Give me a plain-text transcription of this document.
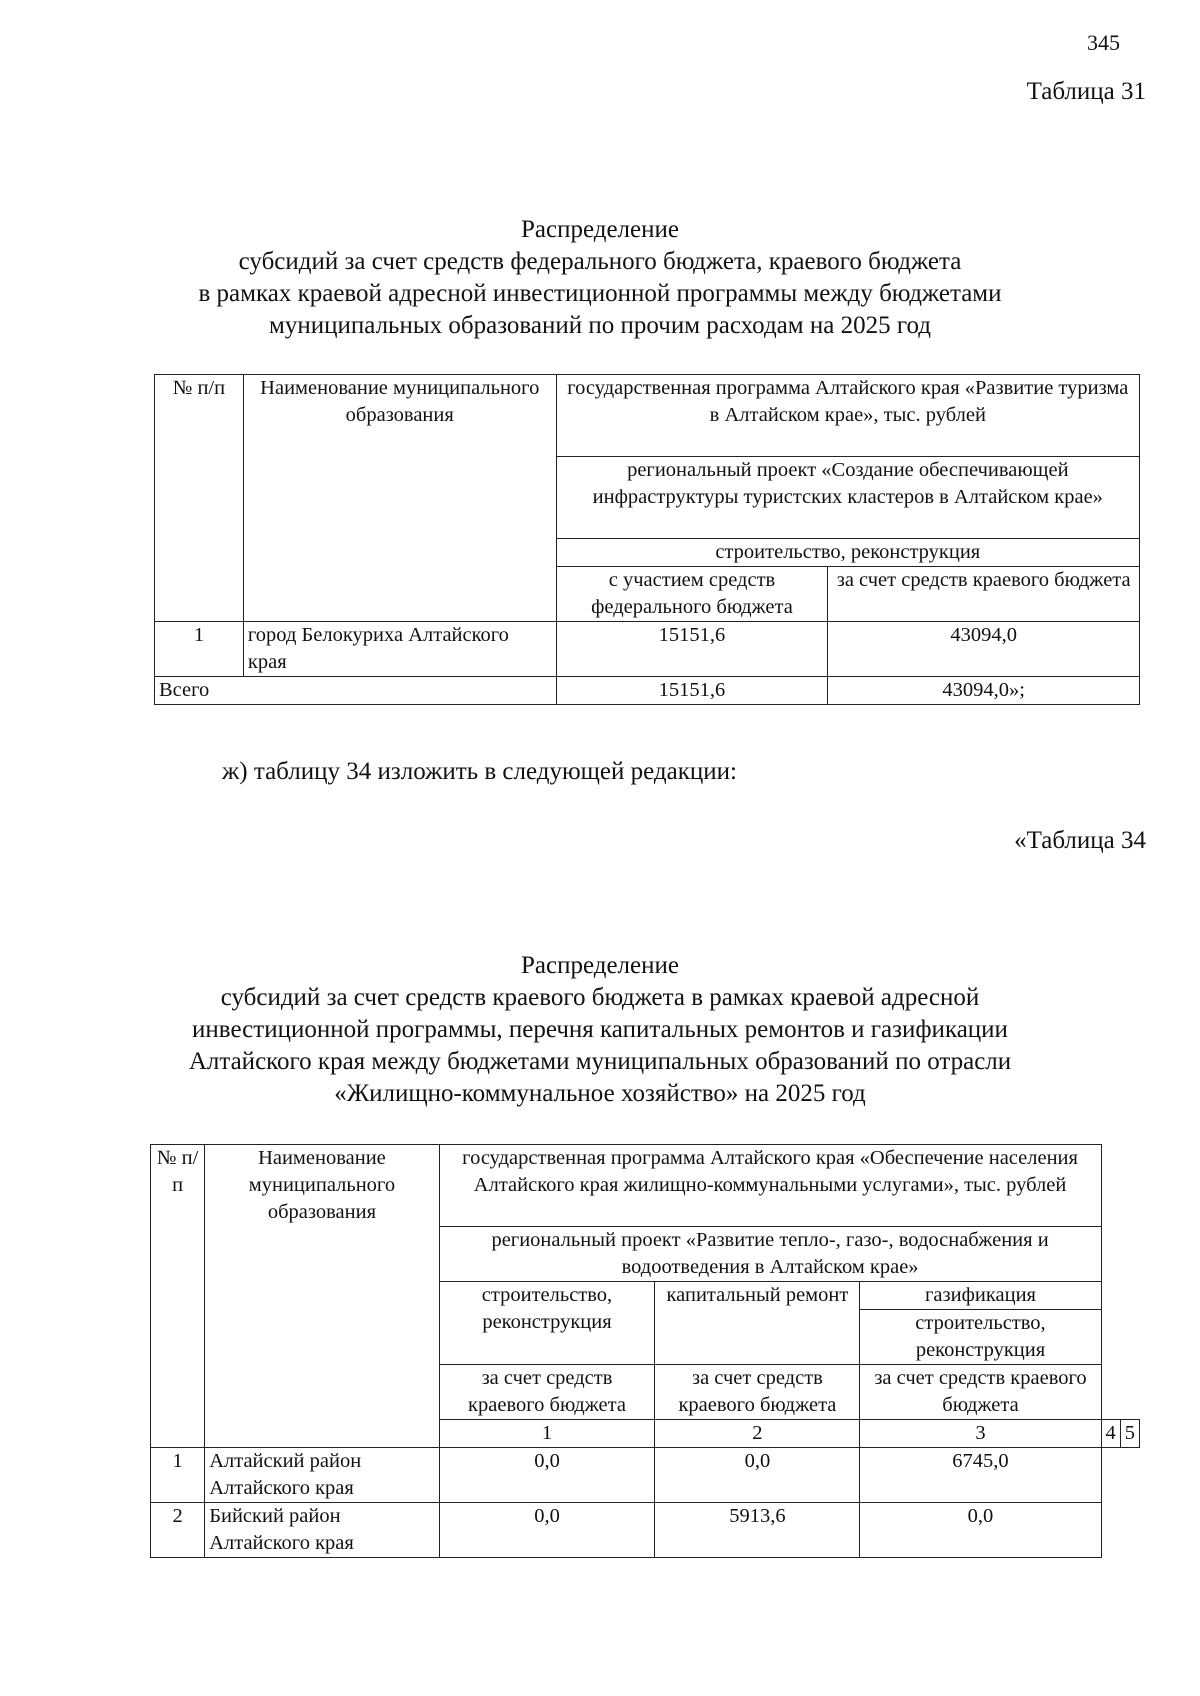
345
Таблица 31
Распределение
субсидий за счет средств федерального бюджета, краевого бюджета
в рамках краевой адресной инвестиционной программы между бюджетами
муниципальных образований по прочим расходам на 2025 год
№ п/п	Наименование муниципального образования	государственная программа Алтайского края «Развитие туризма в Алтайском крае», тыс. рублей	
		региональный проект «Создание обеспечивающей инфраструктуры туристских кластеров в Алтайском крае»	
		строительство, реконструкция	
		с участием средств федерального бюджета	за счет средств краевого бюджета
1	город Белокуриха Алтайского края	15151,6	43094,0
Всего		15151,6	43094,0»;
ж) таблицу 34 изложить в следующей редакции:
«Таблица 34
Распределение
субсидий за счет средств краевого бюджета в рамках краевой адресной
инвестиционной программы, перечня капитальных ремонтов и газификации
Алтайского края между бюджетами муниципальных образований по отрасли
«Жилищно-коммунальное хозяйство» на 2025 год
№ п/п	Наименование муниципального образования	государственная программа Алтайского края «Обеспечение населения Алтайского края жилищно-коммунальными услугами», тыс. рублей				
		региональный проект «Развитие тепло-, газо-, водоснабжения и водоотведения в Алтайском крае»				
		строительство, реконструкция	капитальный ремонт	газификация		
				строительство, реконструкция		
		за счет средств краевого бюджета	за счет средств краевого бюджета	за счет средств краевого бюджета		
		1	2	3	4	5
1	Алтайский район Алтайского края	0,0	0,0	6745,0		
2	Бийский район Алтайского края	0,0	5913,6	0,0		
